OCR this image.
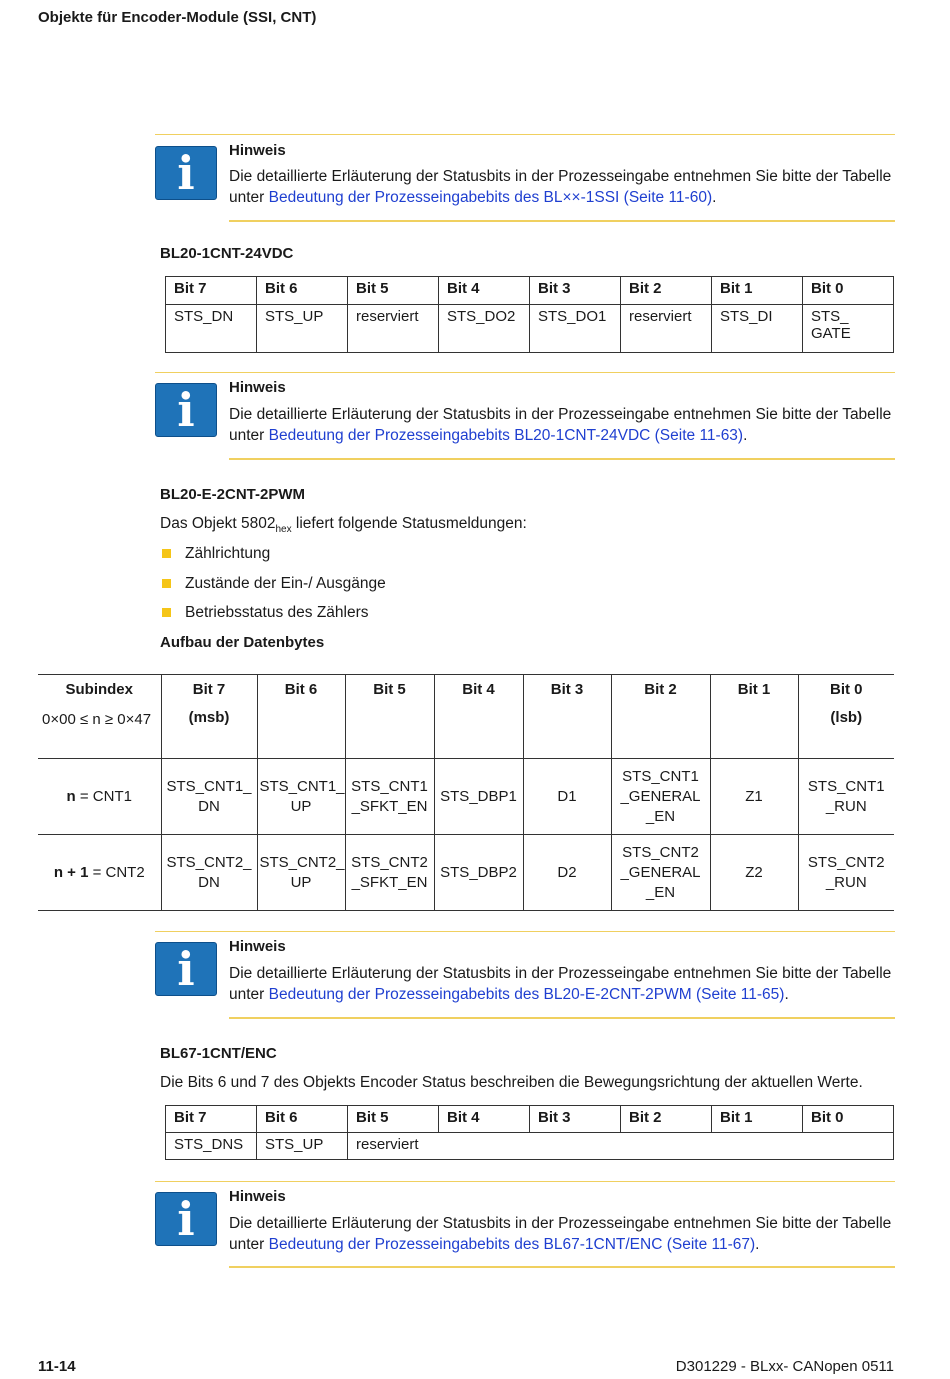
Objekte für Encoder-Module (SSI, CNT)
i	Hinweis
Die detaillierte Erläuterung der Statusbits in der Prozesseingabe entnehmen Sie bitte der Tabelle unter Bedeutung der Prozesseingabebits des BL××-1SSI (Seite 11-60).
BL20-1CNT-24VDC
Bit 7	Bit 6	Bit 5	Bit 4	Bit 3	Bit 2	Bit 1	Bit 0
STS_DN	STS_UP	reserviert	STS_DO2	STS_DO1	reserviert	STS_DI	STS_ GATE
i	Hinweis
Die detaillierte Erläuterung der Statusbits in der Prozesseingabe entnehmen Sie bitte der Tabelle unter Bedeutung der Prozesseingabebits BL20-1CNT-24VDC (Seite 11-63).
BL20-E-2CNT-2PWM
Das Objekt $5802_{hex}$ liefert folgende Statusmeldungen:
Zählrichtung
Zustände der Ein-/ Ausgänge
Betriebsstatus des Zählers
Aufbau der Datenbytes
Subindex	Bit 7	Bit 6	Bit 5	Bit 4	Bit 3	Bit 2	Bit 1	Bit 0
0×00 ≤ n ≥ 0×47	(msb)							(lsb)
n = CNT1	STS_CNT1_ DN	STS_CNT1_ UP	STS_CNT1 _SFKT_EN	STS_DBP1	D1	STS_CNT1 _GENERAL _EN	Z1	STS_CNT1 _RUN
n + 1 = CNT2	STS_CNT2_ DN	STS_CNT2_ UP	STS_CNT2 _SFKT_EN	STS_DBP2	D2	STS_CNT2 _GENERAL _EN	Z2	STS_CNT2 _RUN
i	Hinweis
Die detaillierte Erläuterung der Statusbits in der Prozesseingabe entnehmen Sie bitte der Tabelle unter Bedeutung der Prozesseingabebits des BL20-E-2CNT-2PWM (Seite 11-65).
BL67-1CNT/ENC
Die Bits 6 und 7 des Objekts Encoder Status beschreiben die Bewegungsrichtung der aktuellen Werte.
Bit 7	Bit 6	Bit 5	Bit 4	Bit 3	Bit 2	Bit 1	Bit 0
STS_DNS	STS_UP	reserviert					
i	Hinweis
Die detaillierte Erläuterung der Statusbits in der Prozesseingabe entnehmen Sie bitte der Tabelle unter Bedeutung der Prozesseingabebits des BL67-1CNT/ENC (Seite 11-67).
11-14	D301229 - BLxx- CANopen 0511
